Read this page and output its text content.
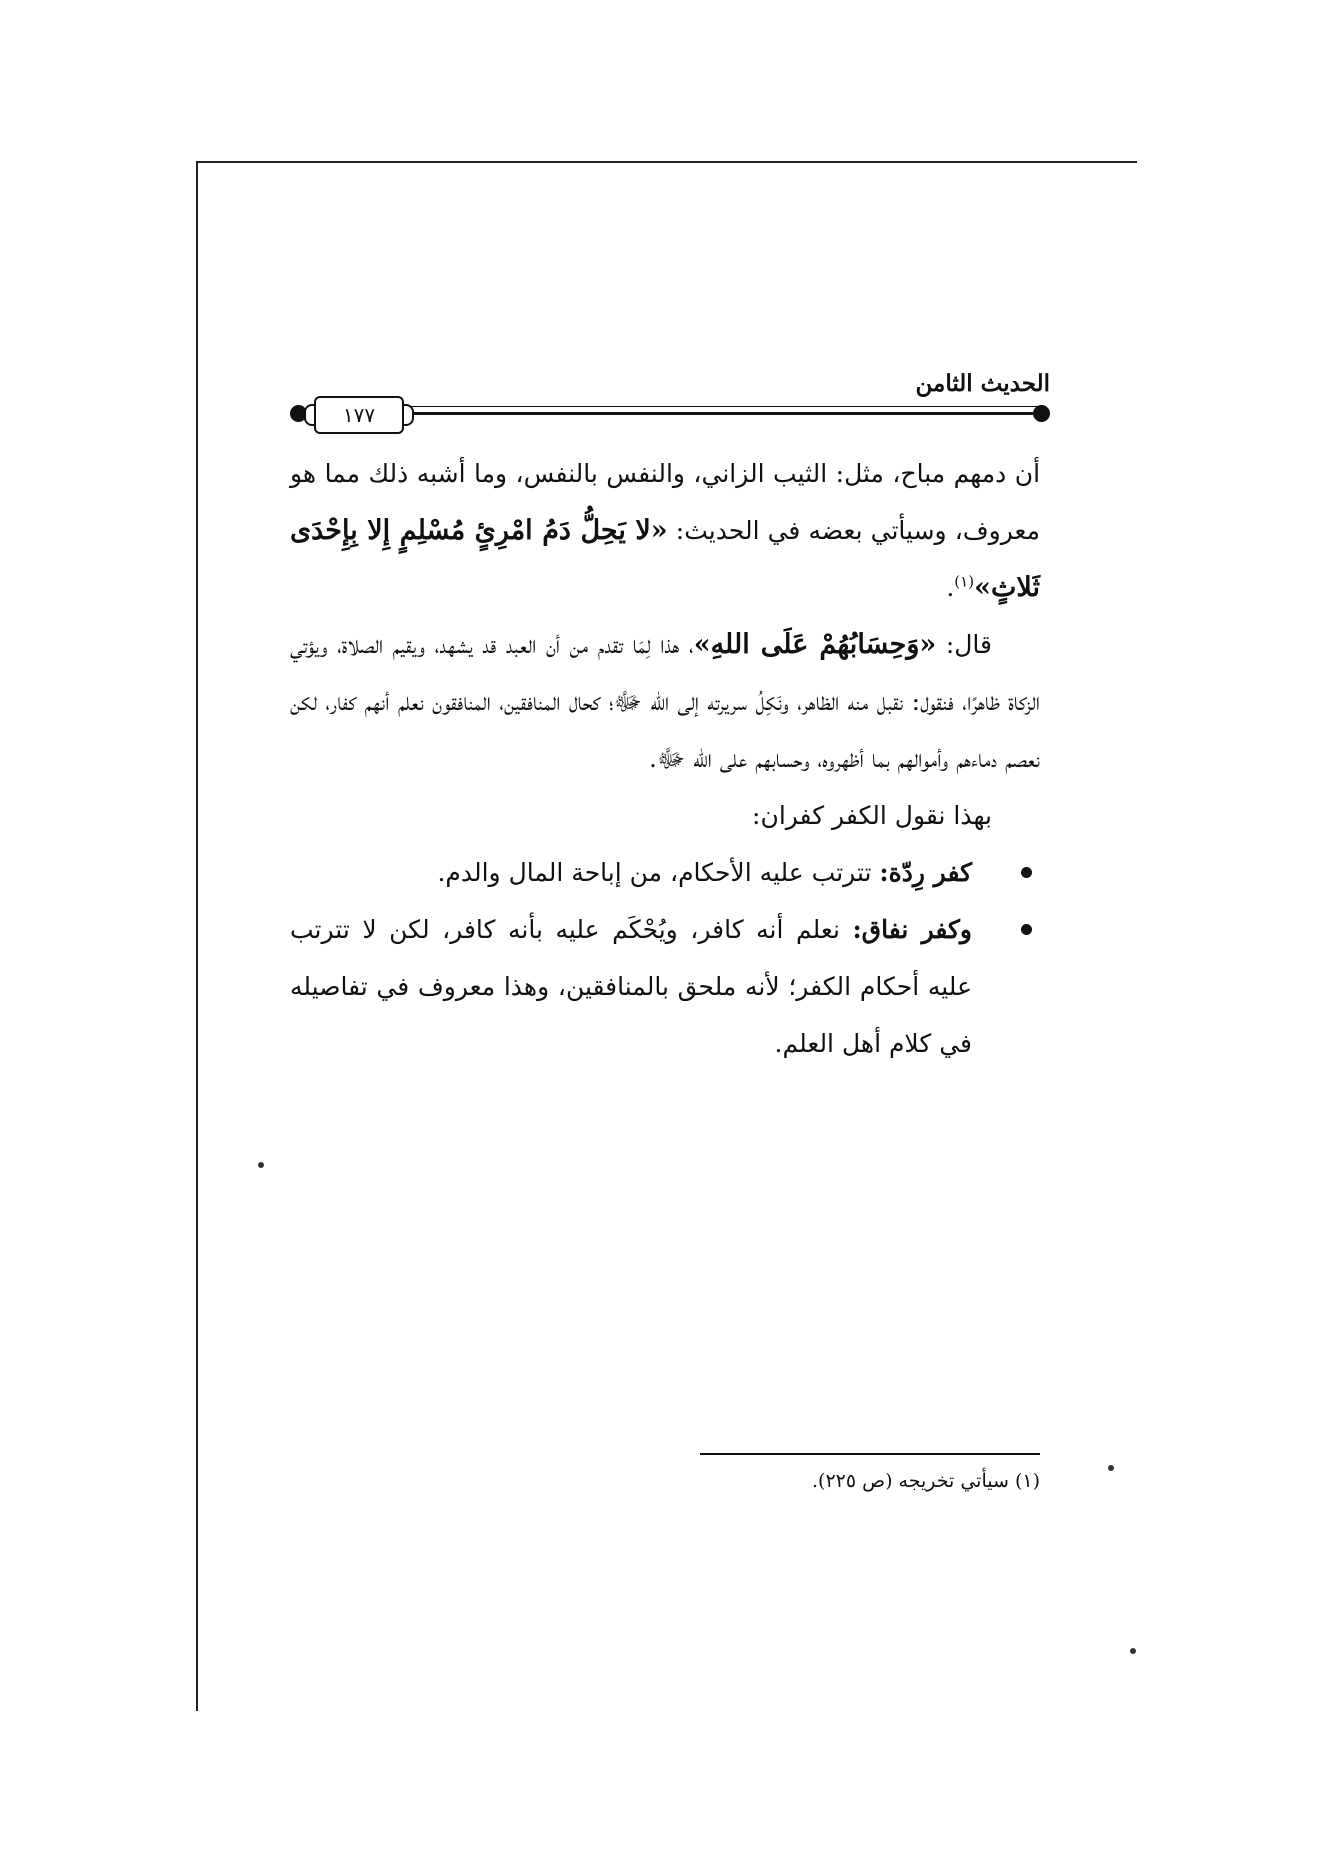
الحديث الثامن
١٧٧

أن دمهم مباح، مثل: الثيب الزاني، والنفس بالنفس، وما أشبه ذلك مما هو معروف، وسيأتي بعضه في الحديث: «لا يَحِلُّ دَمُ امْرِئٍ مُسْلِمٍ إِلا بِإِحْدَى ثَلاثٍ»$^{(١)}$.

قال: «وَحِسَابُهُمْ عَلَى اللهِ»، هذا لِمَا تقدم من أن العبد قد يشهد، ويقيم الصلاة، ويؤتي الزكاة ظاهرًا، فنقول: نقبل منه الظاهر، ونَكِلُ سريرته إلى الله ﷻ؛ كحال المنافقين، المنافقون نعلم أنهم كفار، لكن نعصم دماءهم وأموالهم بما أظهروه، وحسابهم على الله ﷻ.

بهذا نقول الكفر كفران:

كفر رِدّة: تترتب عليه الأحكام، من إباحة المال والدم.
وكفر نفاق: نعلم أنه كافر، ويُحْكَم عليه بأنه كافر، لكن لا تترتب عليه أحكام الكفر؛ لأنه ملحق بالمنافقين، وهذا معروف في تفاصيله في كلام أهل العلم.
(١) سيأتي تخريجه (ص ٢٢٥).
